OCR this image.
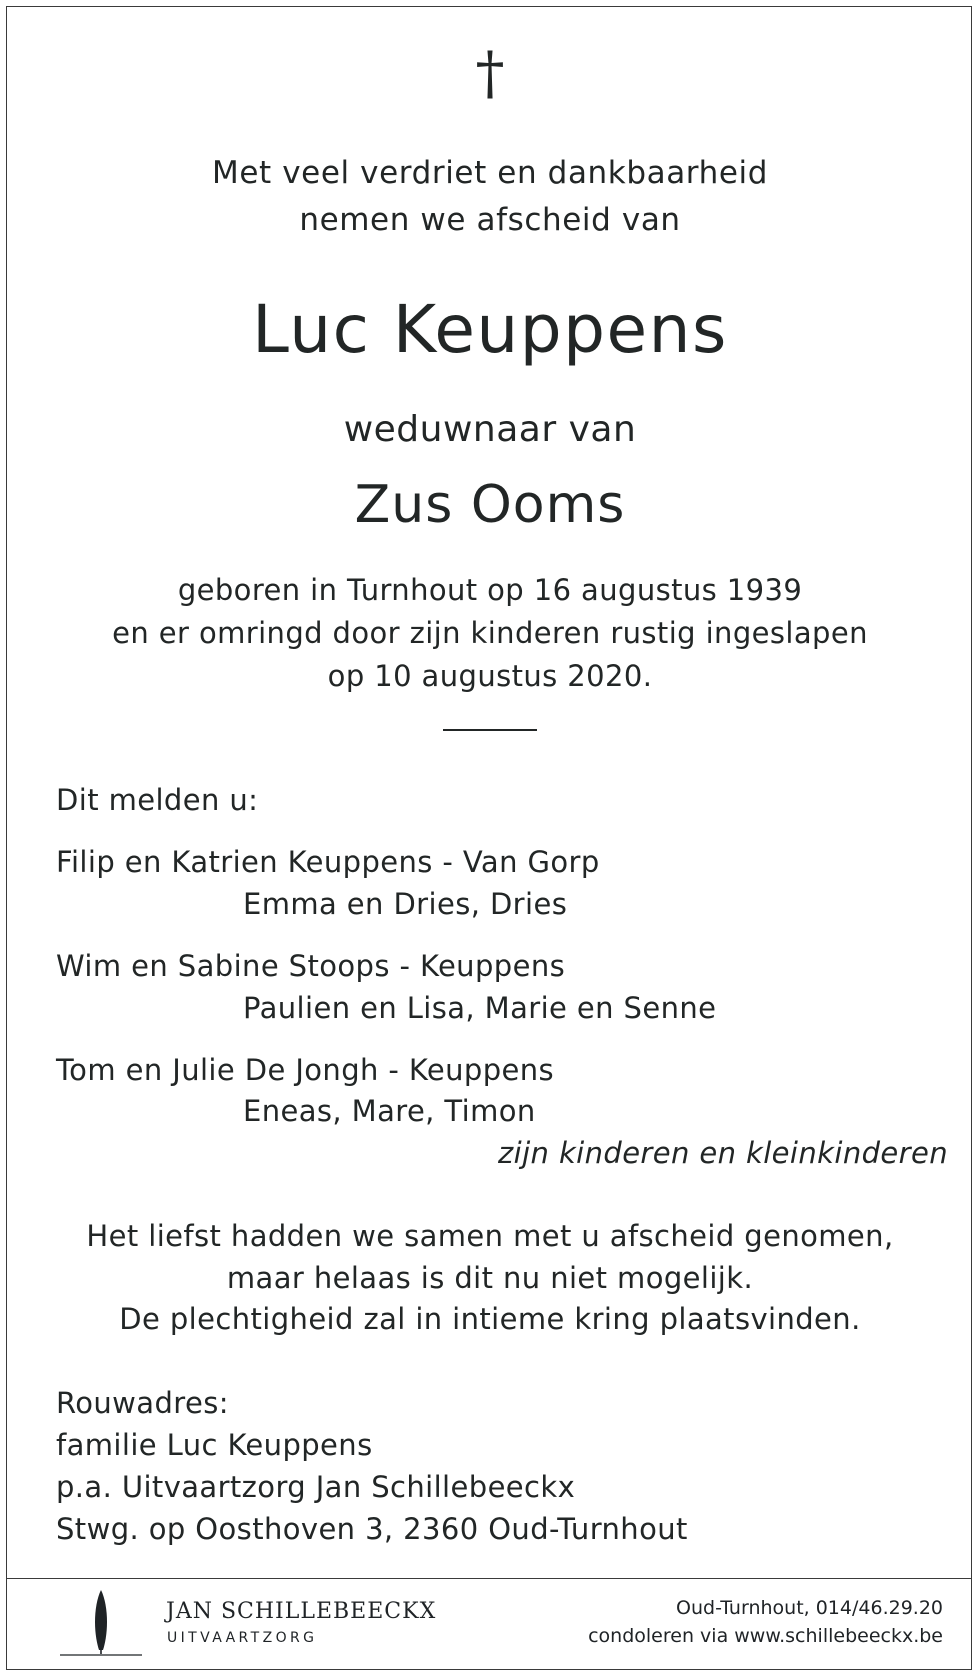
†
Met veel verdriet en dankbaarheid
nemen we afscheid van
Luc Keuppens
weduwnaar van
Zus Ooms
geboren in Turnhout op 16 augustus 1939
en er omringd door zijn kinderen rustig ingeslapen
op 10 augustus 2020.
Dit melden u:
Filip en Katrien Keuppens - Van Gorp
Emma en Dries, Dries
Wim en Sabine Stoops - Keuppens
Paulien en Lisa, Marie en Senne
Tom en Julie De Jongh - Keuppens
Eneas, Mare, Timon
zijn kinderen en kleinkinderen
Het liefst hadden we samen met u afscheid genomen,
maar helaas is dit nu niet mogelijk.
De plechtigheid zal in intieme kring plaatsvinden.
Rouwadres:
familie Luc Keuppens
p.a. Uitvaartzorg Jan Schillebeeckx
Stwg. op Oosthoven 3, 2360 Oud-Turnhout
JAN SCHILLEBEECKX
UITVAARTZORG
Oud-Turnhout, 014/46.29.20
condoleren via www.schillebeeckx.be
